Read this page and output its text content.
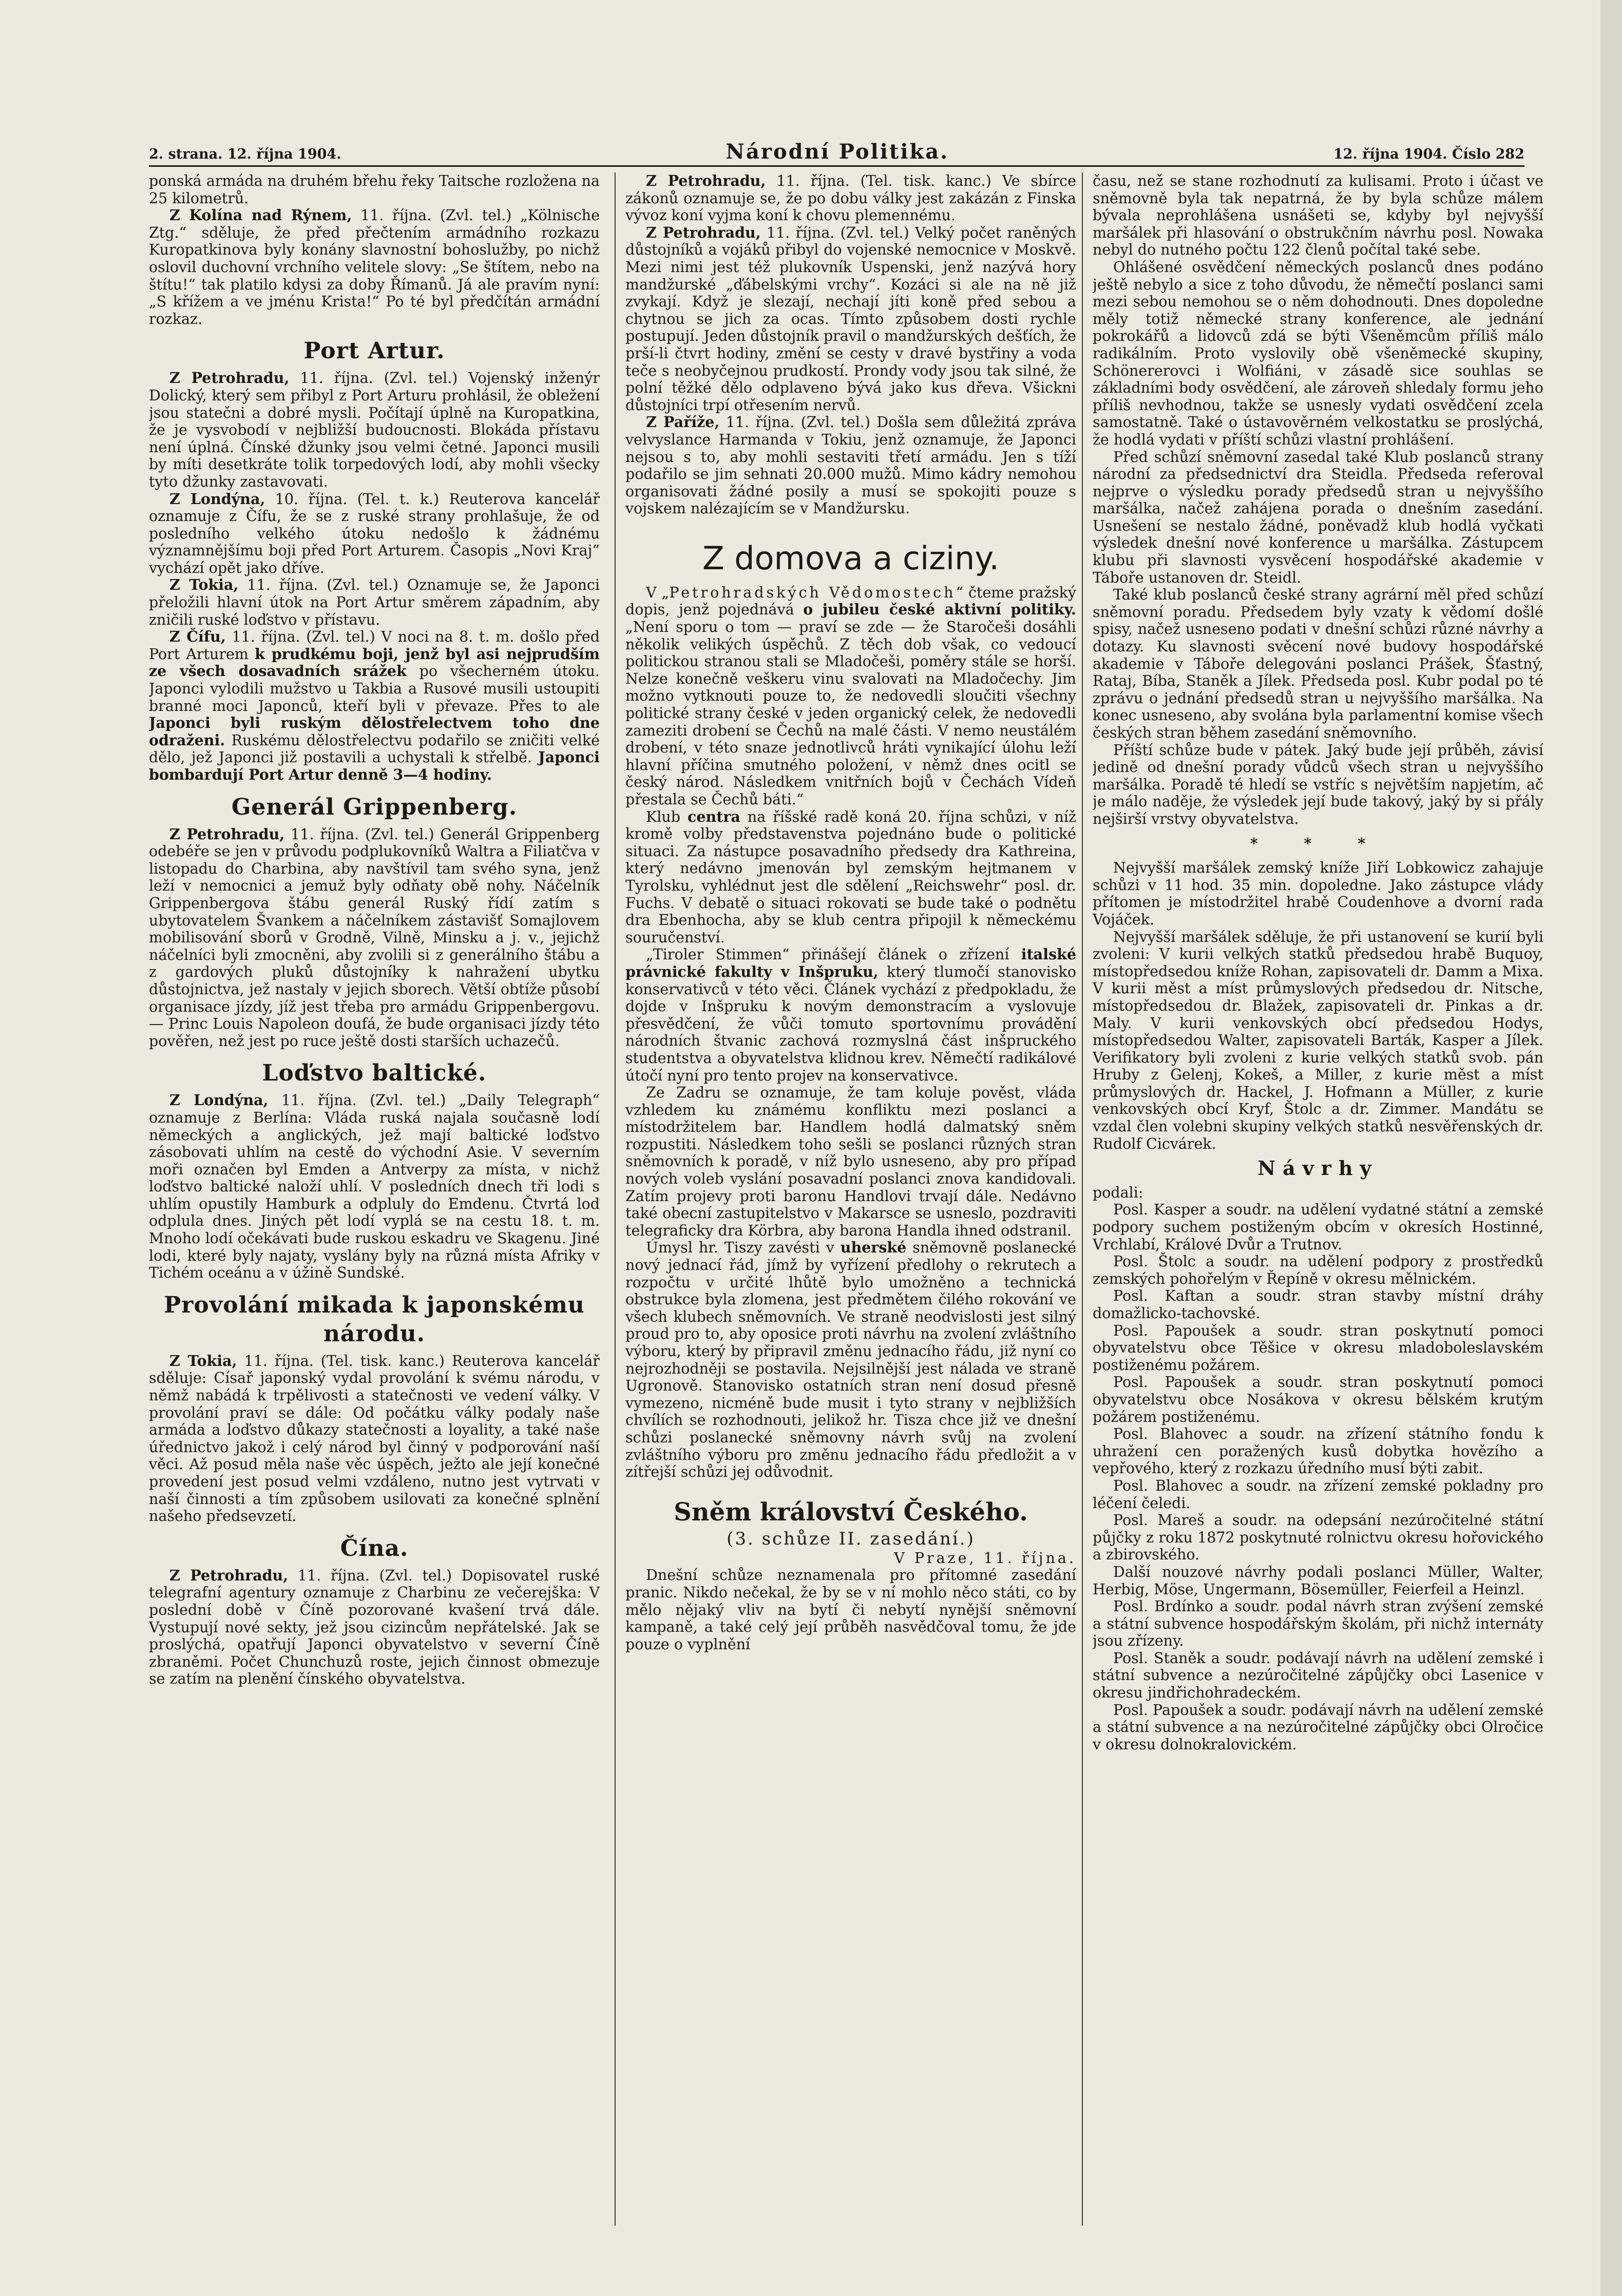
2. strana. 12. října 1904.	Národní Politika.	12. října 1904. Číslo 282

ponská armáda na druhém břehu řeky Taitsche rozložena na 25 kilometrů.

Z Kolína nad Rýnem, 11. října. (Zvl. tel.) „Kölnische Ztg.“ sděluje, že před přečtením armádního rozkazu Kuropatkinova byly konány slavnostní bohoslužby, po nichž oslovil duchovní vrchního velitele slovy: „Se štítem, nebo na štítu!“ tak platilo kdysi za doby Římanů. Já ale pravím nyní: „S křížem a ve jménu Krista!“ Po té byl předčítán armádní rozkaz.

Port Artur.

Z Petrohradu, 11. října. (Zvl. tel.) Vojenský inženýr Dolický, který sem přibyl z Port Arturu prohlásil, že obležení jsou statečni a dobré mysli. Počítají úplně na Kuropatkina, že je vysvobodí v nejbližší budoucnosti. Blokáda přístavu není úplná. Čínské džunky jsou velmi četné. Japonci musili by míti desetkráte tolik torpedových lodí, aby mohli všecky tyto džunky zastavovati.

Z Londýna, 10. října. (Tel. t. k.) Reuterova kancelář oznamuje z Čífu, že se z ruské strany prohlašuje, že od posledního velkého útoku nedošlo k žádnému významnějšímu boji před Port Arturem. Časopis „Novi Kraj“ vychází opět jako dříve.

Z Tokia, 11. října. (Zvl. tel.) Oznamuje se, že Japonci přeložili hlavní útok na Port Artur směrem západním, aby zničili ruské loďstvo v přístavu.

Z Čífu, 11. října. (Zvl. tel.) V noci na 8. t. m. došlo před Port Arturem k prudkému boji, jenž byl asi nejprudším ze všech dosavadních srážek po všecherném útoku. Japonci vylodili mužstvo u Takbia a Rusové musili ustoupiti branné moci Japonců, kteří byli v převaze. Přes to ale Japonci byli ruským dělostřelectvem toho dne odraženi. Ruskému dělostřelectvu podařilo se zničiti velké dělo, jež Japonci již postavili a uchystali k střelbě. Japonci bombardují Port Artur denně 3—4 hodiny.

Generál Grippenberg.

Z Petrohradu, 11. října. (Zvl. tel.) Generál Grippenberg odebéře se jen v průvodu podplukovníků Waltra a Filiatčva v listopadu do Charbina, aby navštívil tam svého syna, jenž leží v nemocnici a jemuž byly odňaty obě nohy. Náčelník Grippenbergova štábu generál Ruský řídí zatím s ubytovatelem Švankem a náčelníkem zástavišť Somajlovem mobilisování sborů v Grodně, Vilně, Minsku a j. v., jejichž náčelníci byli zmocněni, aby zvolili si z generálního štábu a z gardových pluků důstojníky k nahražení ubytku důstojnictva, jež nastaly v jejich sborech. Větší obtíže působí organisace jízdy, jíž jest třeba pro armádu Grippenbergovu. — Princ Louis Napoleon doufá, že bude organisaci jízdy této pověřen, než jest po ruce ještě dosti starších uchazečů.

Loďstvo baltické.

Z Londýna, 11. října. (Zvl. tel.) „Daily Telegraph“ oznamuje z Berlína: Vláda ruská najala současně lodí německých a anglických, jež mají baltické loďstvo zásobovati uhlím na cestě do východní Asie. V severním moři označen byl Emden a Antverpy za místa, v nichž loďstvo baltické naloží uhlí. V posledních dnech tři lodi s uhlím opustily Hamburk a odpluly do Emdenu. Čtvrtá loď odplula dnes. Jiných pět lodí vyplá se na cestu 18. t. m. Mnoho lodí očekávati bude ruskou eskadru ve Skagenu. Jiné lodi, které byly najaty, vyslány byly na různá místa Afriky v Tichém oceánu a v úžině Sundské.

Provolání mikada k japonskému národu.

Z Tokia, 11. října. (Tel. tisk. kanc.) Reuterova kancelář sděluje: Císař japonský vydal provolání k svému národu, v němž nabádá k trpělivosti a statečnosti ve vedení války. V provolání praví se dále: Od počátku války podaly naše armáda a loďstvo důkazy statečnosti a loyality, a také naše úřednictvo jakož i celý národ byl činný v podporování naší věci. Až posud měla naše věc úspěch, ježto ale její konečné provedení jest posud velmi vzdáleno, nutno jest vytrvati v naší činnosti a tím způsobem usilovati za konečné splnění našeho předsevzetí.

Čína.

Z Petrohradu, 11. října. (Zvl. tel.) Dopisovatel ruské telegrafní agentury oznamuje z Charbinu ze večerejška: V poslední době v Číně pozorované kvašení trvá dále. Vystupují nové sekty, jež jsou cizincům nepřátelské. Jak se proslýchá, opatřují Japonci obyvatelstvo v severní Číně zbraněmi. Počet Chunchuzů roste, jejich činnost obmezuje se zatím na plenění čínského obyvatelstva.

Z Petrohradu, 11. října. (Tel. tisk. kanc.) Ve sbírce zákonů oznamuje se, že po dobu války jest zakázán z Finska vývoz koní vyjma koní k chovu plemennému.

Z Petrohradu, 11. října. (Zvl. tel.) Velký počet raněných důstojníků a vojáků přibyl do vojenské nemocnice v Moskvě. Mezi nimi jest též plukovník Uspenski, jenž nazývá hory mandžurské „ďábelskými vrchy“. Kozáci si ale na ně již zvykají. Když je slezají, nechají jíti koně před sebou a chytnou se jich za ocas. Tímto způsobem dosti rychle postupují. Jeden důstojník pravil o mandžurských dešťích, že prší-li čtvrt hodiny, změní se cesty v dravé bystřiny a voda teče s neobyčejnou prudkostí. Prondy vody jsou tak silné, že polní těžké dělo odplaveno bývá jako kus dřeva. Všickni důstojníci trpí otřesením nervů.

Z Paříže, 11. října. (Zvl. tel.) Došla sem důležitá zpráva velvyslance Harmanda v Tokiu, jenž oznamuje, že Japonci nejsou s to, aby mohli sestaviti třetí armádu. Jen s tíží podařilo se jim sehnati 20.000 mužů. Mimo kádry nemohou organisovati žádné posily a musí se spokojiti pouze s vojskem nalézajícím se v Mandžursku.

Z domova a ciziny.

V „Petrohradských Vědomostech“ čteme pražský dopis, jenž pojednává o jubileu české aktivní politiky. „Není sporu o tom — praví se zde — že Staročeši dosáhli několik velikých úspěchů. Z těch dob však, co vedoucí politickou stranou stali se Mladočeši, poměry stále se horší. Nelze konečně veškeru vinu svalovati na Mladočechy. Jim možno vytknouti pouze to, že nedovedli sloučiti všechny politické strany české v jeden organický celek, že nedovedli zameziti drobení se Čechů na malé části. V nemo neustálém drobení, v této snaze jednotlivců hráti vynikající úlohu leží hlavní příčina smutného položení, v němž dnes ocitl se český národ. Následkem vnitřních bojů v Čechách Vídeň přestala se Čechů báti.“

Klub centra na říšské radě koná 20. října schůzi, v níž kromě volby představenstva pojednáno bude o politické situaci. Za nástupce posavadního předsedy dra Kathreina, který nedávno jmenován byl zemským hejtmanem v Tyrolsku, vyhlédnut jest dle sdělení „Reichswehr“ posl. dr. Fuchs. V debatě o situaci rokovati se bude také o podnětu dra Ebenhocha, aby se klub centra připojil k německému souručenství.

„Tiroler Stimmen“ přinášejí článek o zřízení italské právnické fakulty v Inšpruku, který tlumočí stanovisko konservativců v této věci. Článek vychází z předpokladu, že dojde v Inšpruku k novým demonstracím a vyslovuje přesvědčení, že vůči tomuto sportovnímu provádění národních štvanic zachová rozmyslná část inšpruckého studentstva a obyvatelstva klidnou krev. Němečtí radikálové útočí nyní pro tento projev na konservativce.

Ze Zadru se oznamuje, že tam koluje pověst, vláda vzhledem ku známému konfliktu mezi poslanci a místodržitelem bar. Handlem hodlá dalmatský sněm rozpustiti. Následkem toho sešli se poslanci různých stran sněmovních k poradě, v níž bylo usneseno, aby pro případ nových voleb vyslání posavadní poslanci znova kandidovali. Zatím projevy proti baronu Handlovi trvají dále. Nedávno také obecní zastupitelstvo v Makarsce se usneslo, pozdraviti telegraficky dra Körbra, aby barona Handla ihned odstranil.

Úmysl hr. Tiszy zavésti v uherské sněmovně poslanecké nový jednací řád, jímž by vyřízení předlohy o rekrutech a rozpočtu v určité lhůtě bylo umožněno a technická obstrukce byla zlomena, jest předmětem čilého rokování ve všech klubech sněmovních. Ve straně neodvislosti jest silný proud pro to, aby oposice proti návrhu na zvolení zvláštního výboru, který by připravil změnu jednacího řádu, již nyní co nejrozhodněji se postavila. Nejsilnější jest nálada ve straně Ugronově. Stanovisko ostatních stran není dosud přesně vymezeno, nicméně bude musit i tyto strany v nejbližších chvílích se rozhodnouti, jelikož hr. Tisza chce již ve dnešní schůzi poslanecké sněmovny návrh svůj na zvolení zvláštního výboru pro změnu jednacího řádu předložit a v zítřejší schůzi jej odůvodnit.

Sněm království Českého.
(3. schůze II. zasedání.)
V Praze, 11. října.

Dnešní schůze neznamenala pro přítomné zasedání pranic. Nikdo nečekal, že by se v ní mohlo něco státi, co by mělo nějaký vliv na bytí či nebytí nynější sněmovní kampaně, a také celý její průběh nasvědčoval tomu, že jde pouze o vyplnění

času, než se stane rozhodnutí za kulisami. Proto i účast ve sněmovně byla tak nepatrná, že by byla schůze málem bývala neprohlášena usnášeti se, kdyby byl nejvyšší maršálek při hlasování o obstrukčním návrhu posl. Nowaka nebyl do nutného počtu 122 členů počítal také sebe.

Ohlášené osvědčení německých poslanců dnes podáno ještě nebylo a sice z toho důvodu, že němečtí poslanci sami mezi sebou nemohou se o něm dohodnouti. Dnes dopoledne měly totiž německé strany konference, ale jednání pokrokářů a lidovců zdá se býti Všeněmcům příliš málo radikálním. Proto vyslovily obě všeněmecké skupiny, Schönererovci i Wolfiáni, v zásadě sice souhlas se základními body osvědčení, ale zároveň shledaly formu jeho příliš nevhodnou, takže se usnesly vydati osvědčení zcela samostatně. Také o ústavověrném velkostatku se proslýchá, že hodlá vydati v příští schůzi vlastní prohlášení.

Před schůzí sněmovní zasedal také Klub poslanců strany národní za předsednictví dra Steidla. Předseda referoval nejprve o výsledku porady předsedů stran u nejvyššího maršálka, načež zahájena porada o dnešním zasedání. Usnešení se nestalo žádné, poněvadž klub hodlá vyčkati výsledek dnešní nové konference u maršálka. Zástupcem klubu při slavnosti vysvěcení hospodářské akademie v Táboře ustanoven dr. Steidl.

Také klub poslanců české strany agrární měl před schůzí sněmovní poradu. Předsedem byly vzaty k vědomí došlé spisy, načež usneseno podati v dnešní schůzi různé návrhy a dotazy. Ku slavnosti svěcení nové budovy hospodářské akademie v Táboře delegováni poslanci Prášek, Šťastný, Rataj, Bíba, Staněk a Jílek. Předseda posl. Kubr podal po té zprávu o jednání předsedů stran u nejvyššího maršálka. Na konec usneseno, aby svolána byla parlamentní komise všech českých stran během zasedání sněmovního.

Příští schůze bude v pátek. Jaký bude její průběh, závisí jedině od dnešní porady vůdců všech stran u nejvyššího maršálka. Poradě té hledí se vstříc s největším napjetím, ač je málo naděje, že výsledek její bude takový, jaký by si přály nejširší vrstvy obyvatelstva.

* * *

Nejvyšší maršálek zemský kníže Jiří Lobkowicz zahajuje schůzi v 11 hod. 35 min. dopoledne. Jako zástupce vlády přítomen je místodržitel hrabě Coudenhove a dvorní rada Vojáček.

Nejvyšší maršálek sděluje, že při ustanovení se kurií byli zvoleni: V kurii velkých statků předsedou hrabě Buquoy, místopředsedou kníže Rohan, zapisovateli dr. Damm a Mixa. V kurii měst a míst průmyslových předsedou dr. Nitsche, místopředsedou dr. Blažek, zapisovateli dr. Pinkas a dr. Maly. V kurii venkovských obcí předsedou Hodys, místopředsedou Walter, zapisovateli Barták, Kasper a Jílek. Verifikatory byli zvoleni z kurie velkých statků svob. pán Hruby z Gelenj, Kokeš, a Miller, z kurie měst a míst průmyslových dr. Hackel, J. Hofmann a Müller, z kurie venkovských obcí Kryf, Štolc a dr. Zimmer. Mandátu se vzdal člen volebni skupiny velkých statků nesvěřenských dr. Rudolf Cicvárek.

Návrhy

podali:

Posl. Kasper a soudr. na udělení vydatné státní a zemské podpory suchem postiženým obcím v okresích Hostinné, Vrchlabí, Králové Dvůr a Trutnov.

Posl. Štolc a soudr. na udělení podpory z prostředků zemských pohořelým v Řepíně v okresu mělnickém.

Posl. Kaftan a soudr. stran stavby místní dráhy domažlicko-tachovské.

Posl. Papoušek a soudr. stran poskytnutí pomoci obyvatelstvu obce Těšice v okresu mladoboleslavském postiženému požárem.

Posl. Papoušek a soudr. stran poskytnutí pomoci obyvatelstvu obce Nosákova v okresu bělském krutým požárem postiženému.

Posl. Blahovec a soudr. na zřízení státního fondu k uhražení cen poražených kusů dobytka hovězího a vepřového, který z rozkazu úředního musí býti zabit.

Posl. Blahovec a soudr. na zřízení zemské pokladny pro léčení čeledi.

Posl. Mareš a soudr. na odepsání nezúročitelné státní půjčky z roku 1872 poskytnuté rolnictvu okresu hořovického a zbirovského.

Další nouzové návrhy podali poslanci Müller, Walter, Herbig, Möse, Ungermann, Bösemüller, Feierfeil a Heinzl.

Posl. Brdínko a soudr. podal návrh stran zvýšení zemské a státní subvence hospodářským školám, při nichž internáty jsou zřízeny.

Posl. Staněk a soudr. podávají návrh na udělení zemské i státní subvence a nezúročitelné zápůjčky obci Lasenice v okresu jindřichohradeckém.

Posl. Papoušek a soudr. podávají návrh na udělení zemské a státní subvence a na nezúročitelné zápůjčky obci Olročice v okresu dolnokralovickém.
